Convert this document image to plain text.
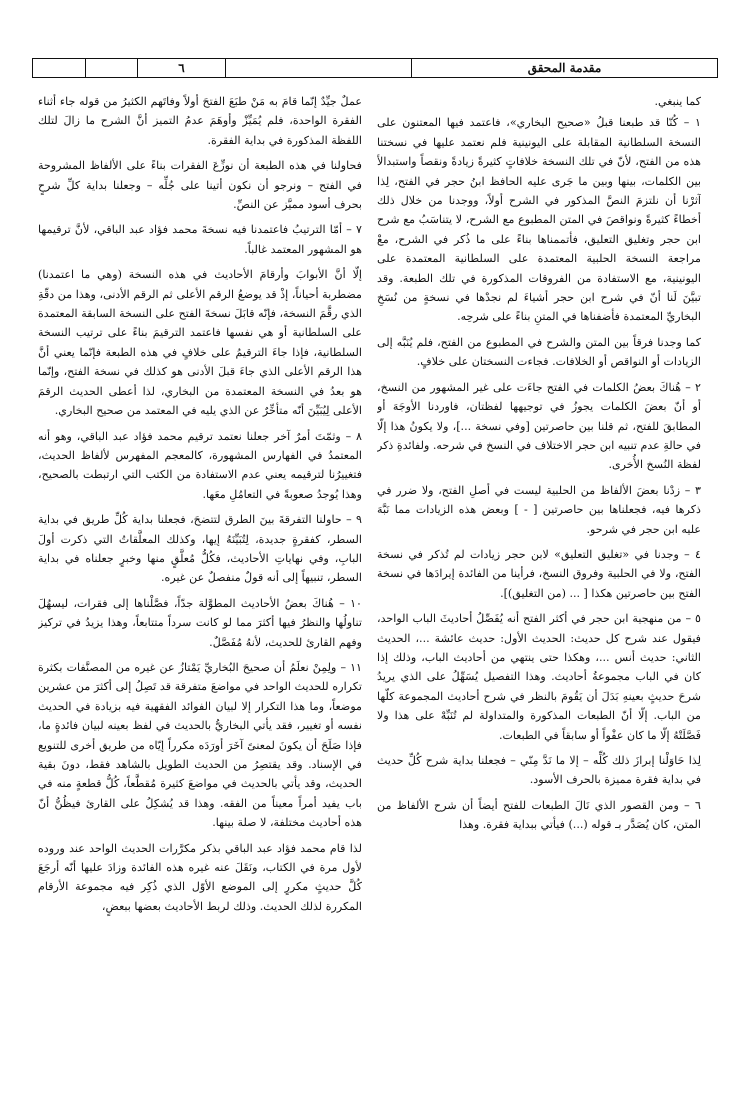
مقدمة المحقق
٦

كما ينبغي.

١ – كُنّا قد طبعنا قبلُ «صحيح البخاري»، فاعتمد فيها المعتنون على النسخة السلطانية المقابلة على اليونينية فلم نعتمد عليها في نسختنا هذه من الفتح، لأنّ في تلك النسخة خلافاتٍ كثيرةً زيادةً ونقصاً واستبدالاً بين الكلمات، بينها وبين ما جَرى عليه الحافظ ابنُ حجر في الفتح، لِذا آثرْنا أن نلتزمَ النصَّ المذكور في الشرح أولاً، ووجدنا من خلال ذلك أخطاءً كثيرةً ونواقصَ في المتن المطبوع مع الشرح، لا يتناسَبُ مع شرح ابن حجر وتغليق التعليق، فأتممناها بناءً على ما ذُكر في الشرح، معْ مراجعة النسخة الحلبية المعتمدة على السلطانية المعتمدة على اليونينية، مع الاستفادة من الفروقات المذكورة في تلك الطبعة. وقد تبيَّنَ لَنا أنّ في شرح ابن حجر أشياءَ لم نجدْها في نسخةٍ من نُسَخِ البخاريِّ المعتمدة فأضفناها في المتنِ بناءً على شرحِه.

كما وجدنا فرقاً بين المتن والشرح في المطبوع من الفتح، فلم يُنَبَّه إلى الزيادات أو النواقص أو الخلافات. فجاءت النسختان على خلافٍ.

٢ – هُناكَ بعضُ الكلمات في الفتح جاءَت على غير المشهور من النسخ، أو أنّ بعضَ الكلمات يجوزُ في توجيهها لفظتان، فاوردنا الأوجَهَ أو المطابقَ للفتح، ثم قلنا بين حاصرتين [وفي نسخة ...]، ولا يكونُ هذا إلّا في حالةِ عدم تنبيه ابن حجر الاختلاف في النسخ في شرحه. ولفائدةِ ذكر لفظة النُسخ الأُخرى.

٣ – زدْنا بعضَ الألفاظ من الحلبية ليست في أصلِ الفتح، ولا ضرر في ذكرها فيه، فجعلناها بين حاصرتين [ - ] وبعض هذه الزيادات مما نَبَّهَ عليه ابن حجر في شرحو.

٤ – وجدنا في «تغليق التعليق» لابن حجر زيادات لم تُذكر في نسخة الفتح، ولا في الحلبية وفروق النسخ، فرأينا من الفائدة إيرادَها في نسخة الفتح بين حاصرتين هكذا [ ... (من التغليق)].

٥ – من منهجية ابن حجر في أكثر الفتح أنه يُفَصِّلُ أحاديثَ الباب الواحد، فيقول عند شرح كل حديث: الحديث الأول: حديث عائشة ...، الحديث الثاني: حديث أنس ...، وهكذا حتى ينتهي من أحاديث الباب، وذلك إذا كان في الباب مجموعةُ أحاديث. وهذا التفصيل يُسَهِّلُ على الذي يريدُ شرحَ حديثٍ بعينهِ بَدَلَ أن يَقُومَ بالنظر في شرح أحاديث المجموعة كلّها من الباب. إلّا أنّ الطبعات المذكورة والمتداولة لم تُنَبِّهْ على هذا ولا فَصَّلَتْهُ إلّا ما كان عفْواً أو سابقاً في الطبعات.

لِذا حَاوَلْنا إبرازَ ذلك كُلِّه – إلا ما نَدَّ مِنّي – فجعلنا بداية شرح كُلِّ حديث في بداية فقرة مميزة بالحرف الأسود.

٦ – ومن القصور الذي نَالَ الطبعات للفتح أيضاً أن شرح الألفاظ من المتن، كان يُصَدَّر بـ قوله (...) فيأتي ببداية فقرة. وهذا

عملٌ جيِّدٌ إنّما قامَ به مَنْ طبَعَ الفتحَ أولاً وفاتَهم الكثيرُ من قوله جاء أثناء الفقرة الواحدة، فلم يُمَيِّزْ وأوهَمَ عدمُ التميز أنَّ الشرح ما زالَ لتلك اللفظة المذكورة في بداية الفقرة.

فحاولنا في هذه الطبعة أن نوزِّعَ الفقرات بناءً على الألفاظ المشروحة في الفتح – ونرجو أن نكون أتينا على جُلِّه – وجعلنا بداية كلِّ شرحٍ بحرف أسود مميَّز عن النصِّ.

٧ – أمّا الترتيبُ فاعتمدنا فيه نسخةَ محمد فؤاد عبد الباقي، لأنَّ ترقيمها هو المشهور المعتمد غالباً.

إلّا أنَّ الأبوابَ وأرقامَ الأحاديث في هذه النسخة (وهي ما اعتمدنا) مضطربة أحياناً، إذْ قد يوضعُ الرقم الأعلى ثم الرقم الأدنى، وهذا من دقّةِ الذي رقَّمَ النسخة، فإنّه قابَلَ نسخةَ الفتح على النسخة السابقة المعتمدة على السلطانية أو هي نفسها فاعتمد الترقيمَ بناءً على ترتيب النسخة السلطانية، فإذا جاءَ الترقيمُ على خلافٍ في هذه الطبعة فإنّما يعني أنَّ هذا الرقم الأعلى الذي جاءَ قبلَ الأدنى هو كذلك في نسخة الفتح، وإنّما هو بعدُ في النسخة المعتمدة من البخاري، لذا أعطى الحديث الرقمَ الأعلى لِيُبَيِّنَ أنّه متأخِّرٌ عن الذي يليه في المعتمد من صحيح البخاري.

٨ – وثمّتَ أمرٌ آخر جعلنا نعتمد ترقيم محمد فؤاد عبد الباقي، وهو أنه المعتمدُ في الفهارس المشهورة، كالمعجم المفهرس لألفاظ الحديث، فتغييرُنا لترقيمه يعني عدم الاستفادة من الكتب التي ارتبطت بالصحيح، وهذا يُوجدُ صعوبةً في التعامُلِ معَها.

٩ – حاولنا التفرقةَ بينَ الطرق لتتضحَ، فجعلنا بداية كُلِّ طريق في بداية السطر، كفقرةٍ جديدة، لِتُبَيِّنَهُ إيها، وكذلك المعلَّقاتُ التي ذكرت أولَ البابِ، وفي نهاياتِ الأحاديث، فكُلُّ مُعلَّقٍ منها وخبرٍ جعلناه في بداية السطر، تنبيهاً إلى أنه قولٌ منفصلٌ عن غيره.

١٠ – هُناكَ بعضُ الأحاديث المطوَّلة جدّاً، فصَّلْناها إلى فقرات، ليسهُلَ تناولُها والنظرُ فيها أكثرَ مما لو كانت سرداً متتابعاً، وهذا يزيدُ في تركيز وفهم القارئ للحديث، لأنهُ مُفَصَّلٌ.

١١ – ولِمِنْ نعلَمُ أن صحيحَ البُخاريِّ يَمْتازُ عن غيره من المصنَّفات بكثرة تكراره للحديث الواحد في مواضعَ متفرقة قد تَصِلُ إلى أكثرَ من عشرين موضعاً، وما هذا التكرار إلا لبيان الفوائد الفقهية فيه بزيادة في الحديث نفسه أو تغيير، فقد يأتي البخاريُّ بالحديث في لفظ بعينه لبيان فائدةٍ ما، فإذا صَلَحَ أن يكونَ لمعنىً آخَرَ أورَدَه مكرراً إيّاه من طريق أخرى للتنويع في الإسناد. وقد يقتصِرُ من الحديث الطويل بالشاهد فقط، دونَ بقية الحديث، وقد يأتي بالحديث في مواضعَ كثيرة مُقطَّعاً، كُلُّ قطعةٍ منه في باب يفيد أمراً معيناً من الفقه. وهذا قد يُشكِلُ على القارئ فيظُنُّ أنّ هذه أحاديث مختلفة، لا صلة بينها.

لذا قام محمد فؤاد عبد الباقي بذكر مكرَّرات الحديث الواحد عند وروده لأول مرة في الكتاب، ونَقَلَ عنه غيره هذه الفائدة وزادَ عليها أنّه أرجَعَ كُلَّ حديثٍ مكررٍ إلى الموضع الأوّل الذي ذُكِر فيه مجموعة الأرقام المكررة لذلك الحديث. وذلك لربط الأحاديث بعضها ببعضٍ،
